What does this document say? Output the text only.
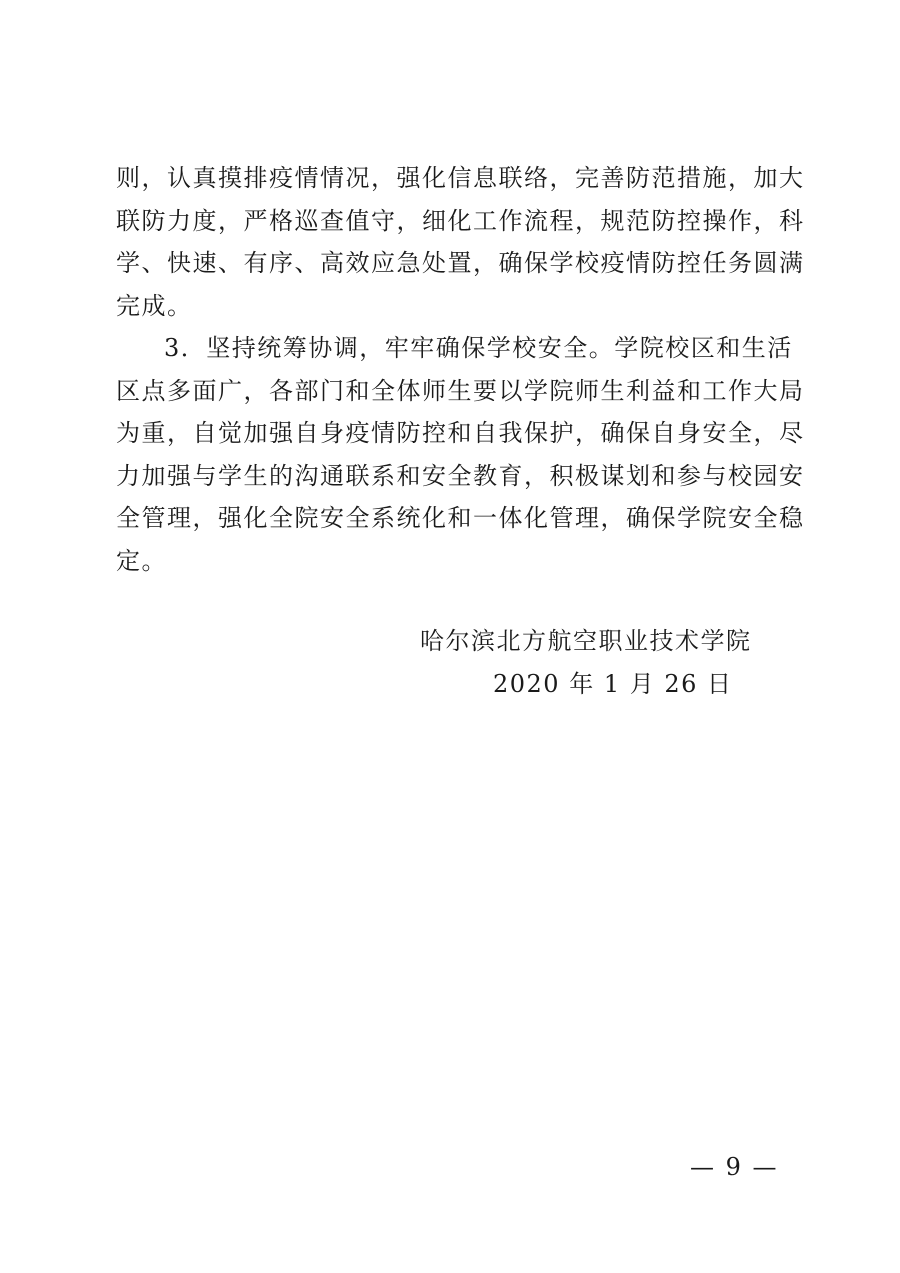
则，认真摸排疫情情况，强化信息联络，完善防范措施，加大联防力度，严格巡查值守，细化工作流程，规范防控操作，科学、快速、有序、高效应急处置，确保学校疫情防控任务圆满完成。

3．坚持统筹协调，牢牢确保学校安全。学院校区和生活区点多面广，各部门和全体师生要以学院师生利益和工作大局为重，自觉加强自身疫情防控和自我保护，确保自身安全，尽力加强与学生的沟通联系和安全教育，积极谋划和参与校园安全管理，强化全院安全系统化和一体化管理，确保学院安全稳定。

哈尔滨北方航空职业技术学院
2020 年 1 月 26 日
— 9 —
